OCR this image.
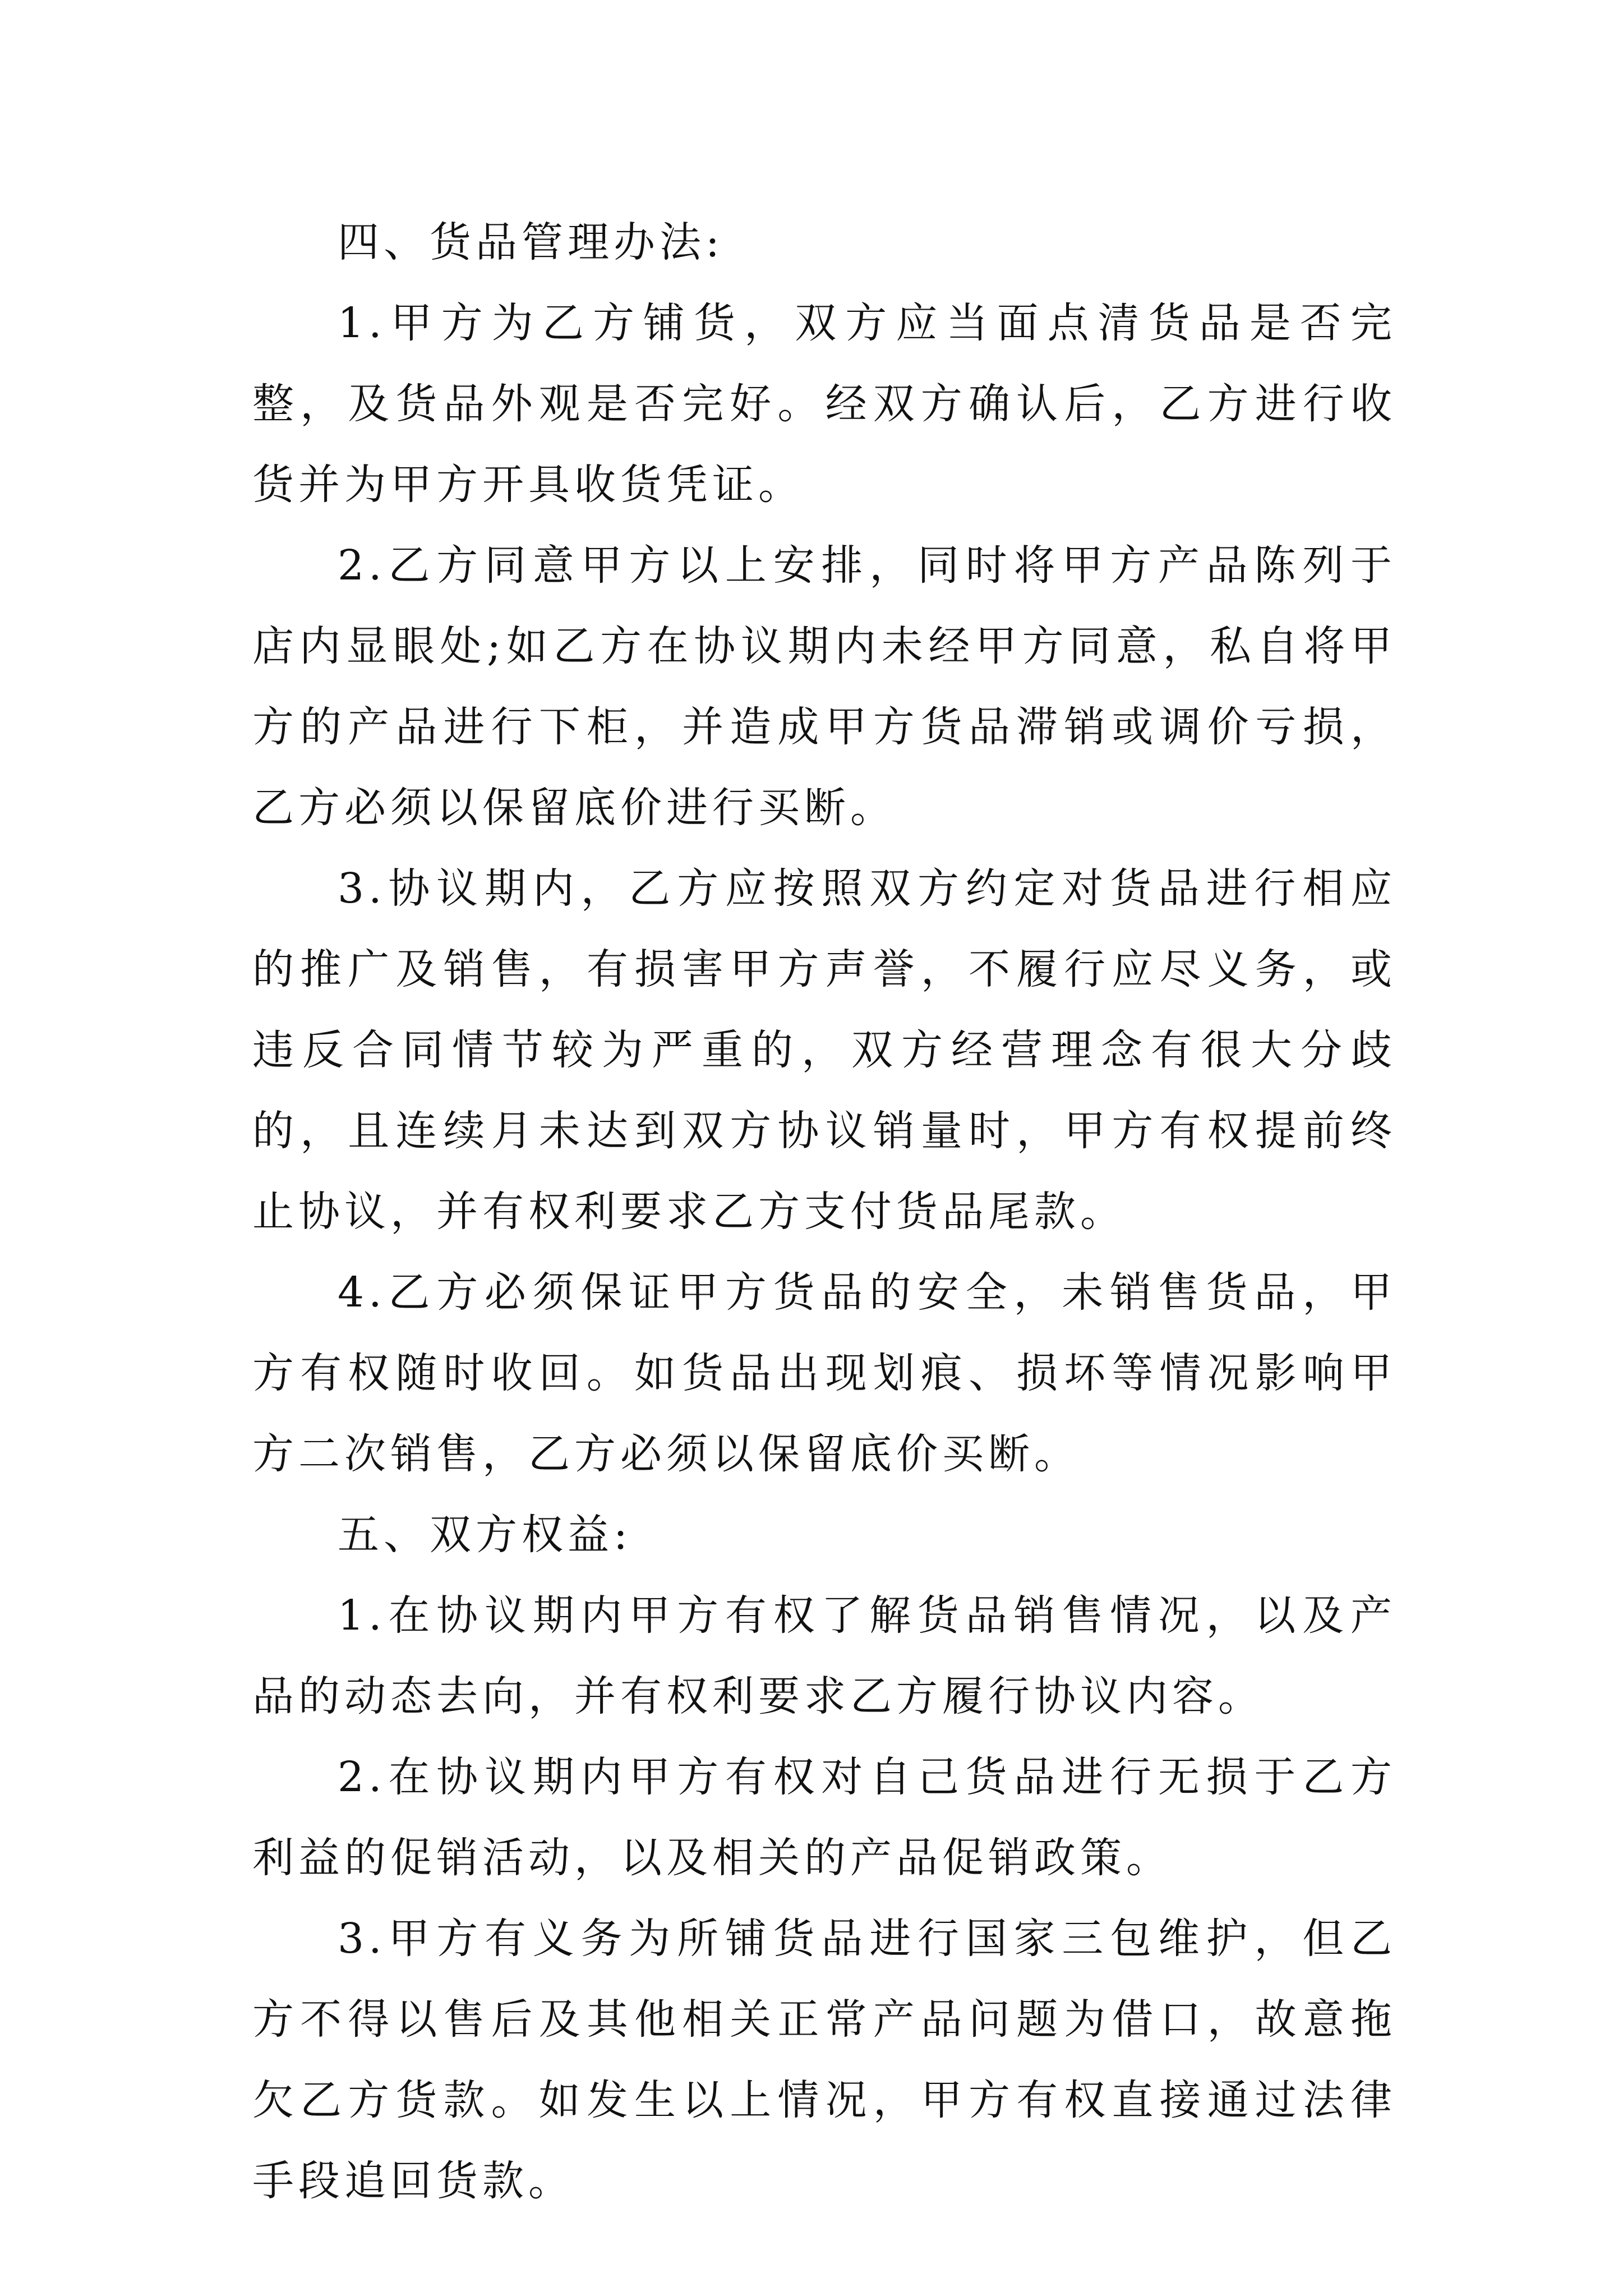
四、货品管理办法:

1.甲方为乙方铺货，双方应当面点清货品是否完整，及货品外观是否完好。经双方确认后，乙方进行收货并为甲方开具收货凭证。

2.乙方同意甲方以上安排，同时将甲方产品陈列于店内显眼处;如乙方在协议期内未经甲方同意，私自将甲方的产品进行下柜，并造成甲方货品滞销或调价亏损，乙方必须以保留底价进行买断。

3.协议期内，乙方应按照双方约定对货品进行相应的推广及销售，有损害甲方声誉，不履行应尽义务，或违反合同情节较为严重的，双方经营理念有很大分歧的，且连续月未达到双方协议销量时，甲方有权提前终止协议，并有权利要求乙方支付货品尾款。

4.乙方必须保证甲方货品的安全，未销售货品，甲方有权随时收回。如货品出现划痕、损坏等情况影响甲方二次销售，乙方必须以保留底价买断。

五、双方权益:

1.在协议期内甲方有权了解货品销售情况，以及产品的动态去向，并有权利要求乙方履行协议内容。

2.在协议期内甲方有权对自己货品进行无损于乙方利益的促销活动，以及相关的产品促销政策。

3.甲方有义务为所铺货品进行国家三包维护，但乙方不得以售后及其他相关正常产品问题为借口，故意拖欠乙方货款。如发生以上情况，甲方有权直接通过法律手段追回货款。
